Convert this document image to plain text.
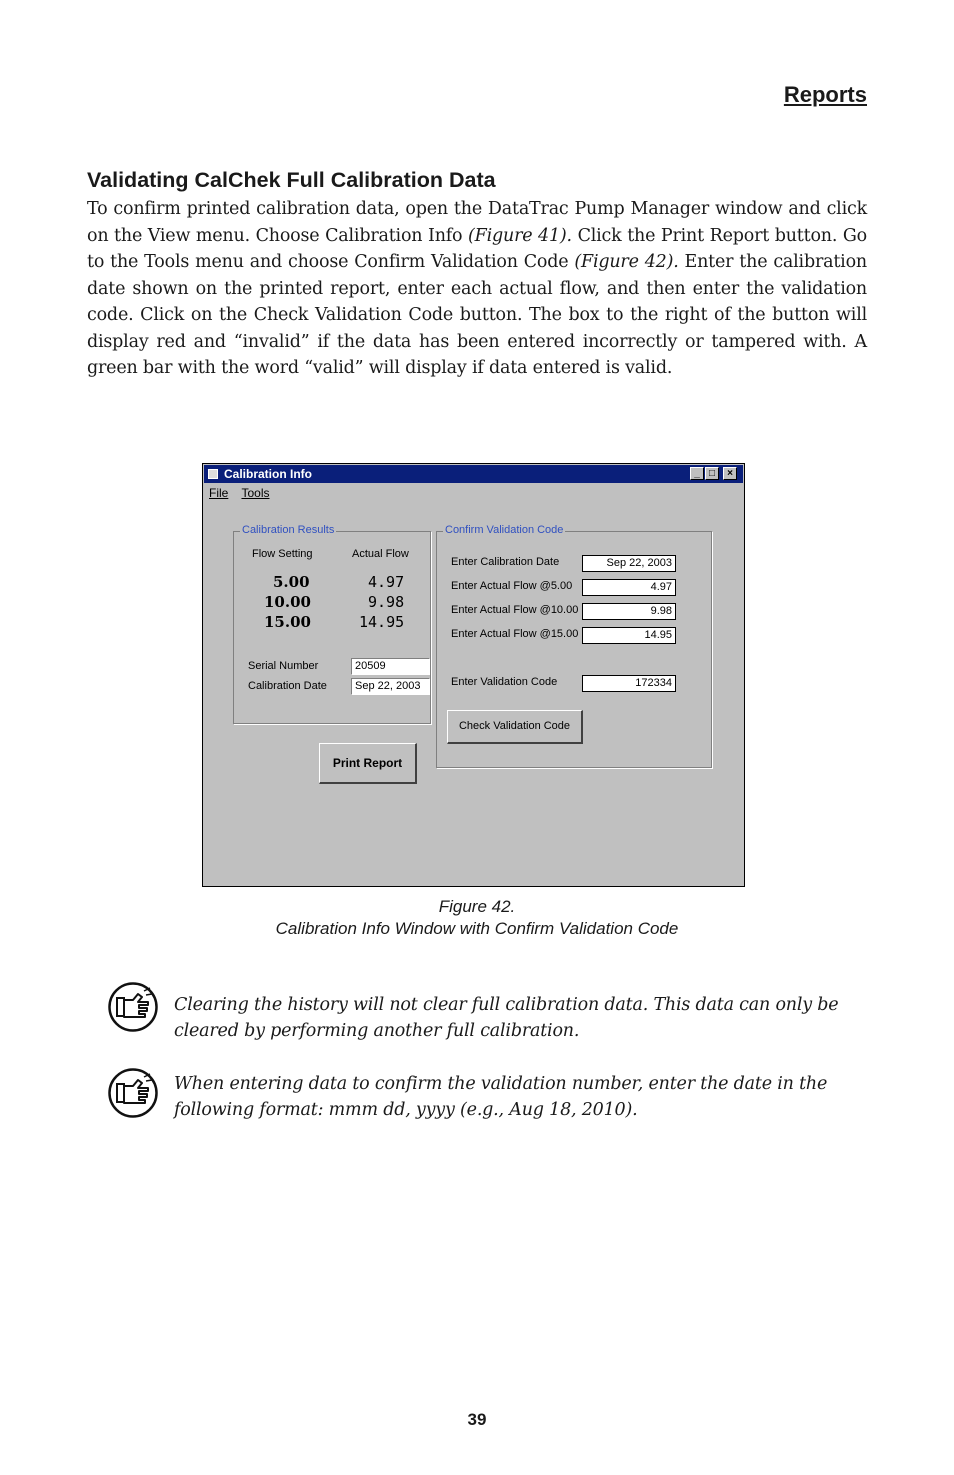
Reports
Validating CalChek Full Calibration Data
To confirm printed calibration data, open the DataTrac Pump Manager window and click on the View menu. Choose Calibration Info (Figure 41). Click the Print Report button. Go to the Tools menu and choose Confirm Validation Code (Figure 42). Enter the calibration date shown on the printed report, enter each actual flow, and then enter the validation code. Click on the Check Validation Code button. The box to the right of the button will display red and “invalid” if the data has been entered incorrectly or tampered with. A green bar with the word “valid” will display if data entered is valid.
Calibration Info	_ □	×
File Tools
Calibration Results
Flow Setting	Actual Flow
5.00	4.97
10.00	9.98
15.00	14.95
Serial Number	20509
Calibration Date	Sep 22, 2003
Print Report
Confirm Validation Code
Enter Calibration Date	Sep 22, 2003
Enter Actual Flow @5.00	4.97
Enter Actual Flow @10.00	9.98
Enter Actual Flow @15.00	14.95
Enter Validation Code	172334
Check Validation Code
Figure 42.
Calibration Info Window with Confirm Validation Code
Clearing the history will not clear full calibration data. This data can only be cleared by performing another full calibration.
When entering data to confirm the validation number, enter the date in the following format: mmm dd, yyyy (e.g., Aug 18, 2010).
39
